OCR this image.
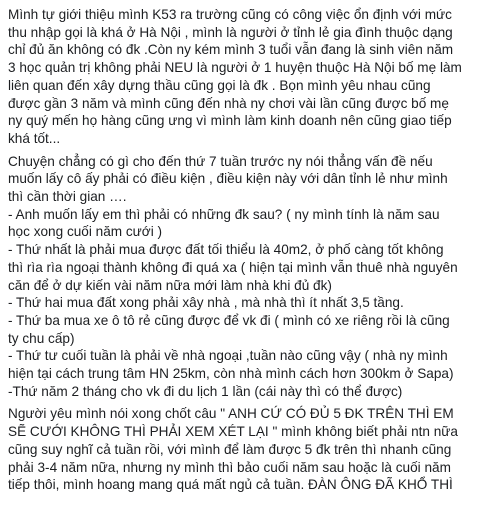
Mình tự giới thiệu mình K53 ra trường cũng có công việc ổn định với mức
thu nhập gọi là khá ở Hà Nội , mình là người ở tỉnh lẻ gia đình thuộc dạng
chỉ đủ ăn không có đk .Còn ny kém mình 3 tuổi vẫn đang là sinh viên năm
3 học quản trị không phải NEU là người ở 1 huyện thuộc Hà Nội bố mẹ làm
liên quan đến xây dựng thầu cũng gọi là đk . Bọn mình yêu nhau cũng
được gần 3 năm và mình cũng đến nhà ny chơi vài lần cũng được bố mẹ
ny quý mến họ hàng cũng ưng vì mình làm kinh doanh nên cũng giao tiếp
khá tốt...

Chuyện chẳng có gì cho đến thứ 7 tuần trước ny nói thẳng vấn đề nếu
muốn lấy cô ấy phải có điều kiện , điều kiện này với dân tỉnh lẻ như mình
thì cần thời gian ….
- Anh muốn lấy em thì phải có những đk sau? ( ny mình tính là năm sau
học xong cuối năm cưới )
- Thứ nhất là phải mua được đất tối thiểu là 40m2, ở phố càng tốt không
thì rìa rìa ngoại thành không đi quá xa ( hiện tại mình vẫn thuê nhà nguyên
căn để ở dự kiến vài năm nữa mới làm nhà khi đủ đk)
- Thứ hai mua đất xong phải xây nhà , mà nhà thì ít nhất 3,5 tầng.
- Thứ ba mua xe ô tô rẻ cũng được để vk đi ( mình có xe riêng rồi là cũng
ty chu cấp)
- Thứ tư cuối tuần là phải về nhà ngoại ,tuần nào cũng vậy ( nhà ny mình
hiện tại cách trung tâm HN 25km, còn nhà mình cách hơn 300km ở Sapa)
-Thứ năm 2 tháng cho vk đi du lịch 1 lần (cái này thì có thể được)

Người yêu mình nói xong chốt câu " ANH CỨ CÓ ĐỦ 5 ĐK TRÊN THÌ EM
SẼ CƯỚI KHÔNG THÌ PHẢI XEM XÉT LẠI " mình không biết phải ntn nữa
cũng suy nghĩ cả tuần rồi, với mình để làm được 5 đk trên thì nhanh cũng
phải 3-4 năm nữa, nhưng ny mình thì bảo cuối năm sau hoặc là cuối năm
tiếp thôi, mình hoang mang quá mất ngủ cả tuần. ĐÀN ÔNG ĐÃ KHỔ THÌ
